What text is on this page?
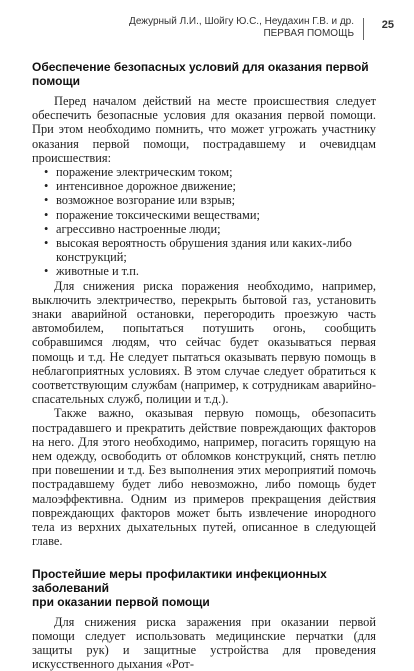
Дежурный Л.И., Шойгу Ю.С., Неудахин Г.В. и др.
ПЕРВАЯ ПОМОЩЬ
25
Обеспечение безопасных условий для оказания первой помощи

Перед началом действий на месте происшествия следует обеспечить безопасные условия для оказания первой помощи. При этом необходимо помнить, что может угрожать участнику оказания первой помощи, пострадавшему и очевидцам происшествия:

• поражение электрическим током;
• интенсивное дорожное движение;
• возможное возгорание или взрыв;
• поражение токсическими веществами;
• агрессивно настроенные люди;
• высокая вероятность обрушения здания или каких-либо конструкций;
• животные и т.п.

Для снижения риска поражения необходимо, например, выключить электричество, перекрыть бытовой газ, установить знаки аварийной остановки, перегородить проезжую часть автомобилем, попытаться потушить огонь, сообщить собравшимся людям, что сейчас будет оказываться первая помощь и т.д. Не следует пытаться оказывать первую помощь в неблагоприятных условиях. В этом случае следует обратиться к соответствующим службам (например, к сотрудникам аварийно-спасательных служб, полиции и т.д.).

Также важно, оказывая первую помощь, обезопасить пострадавшего и прекратить действие повреждающих факторов на него. Для этого необходимо, например, погасить горящую на нем одежду, освободить от обломков конструкций, снять петлю при повешении и т.д. Без выполнения этих мероприятий помочь пострадавшему будет либо невозможно, либо помощь будет малоэффективна. Одним из примеров прекращения действия повреждающих факторов может быть извлечение инородного тела из верхних дыхательных путей, описанное в следующей главе.

Простейшие меры профилактики инфекционных заболеваний
при оказании первой помощи

Для снижения риска заражения при оказании первой помощи следует использовать медицинские перчатки (для защиты рук) и защитные устройства для проведения искусственного дыхания «Рот-
